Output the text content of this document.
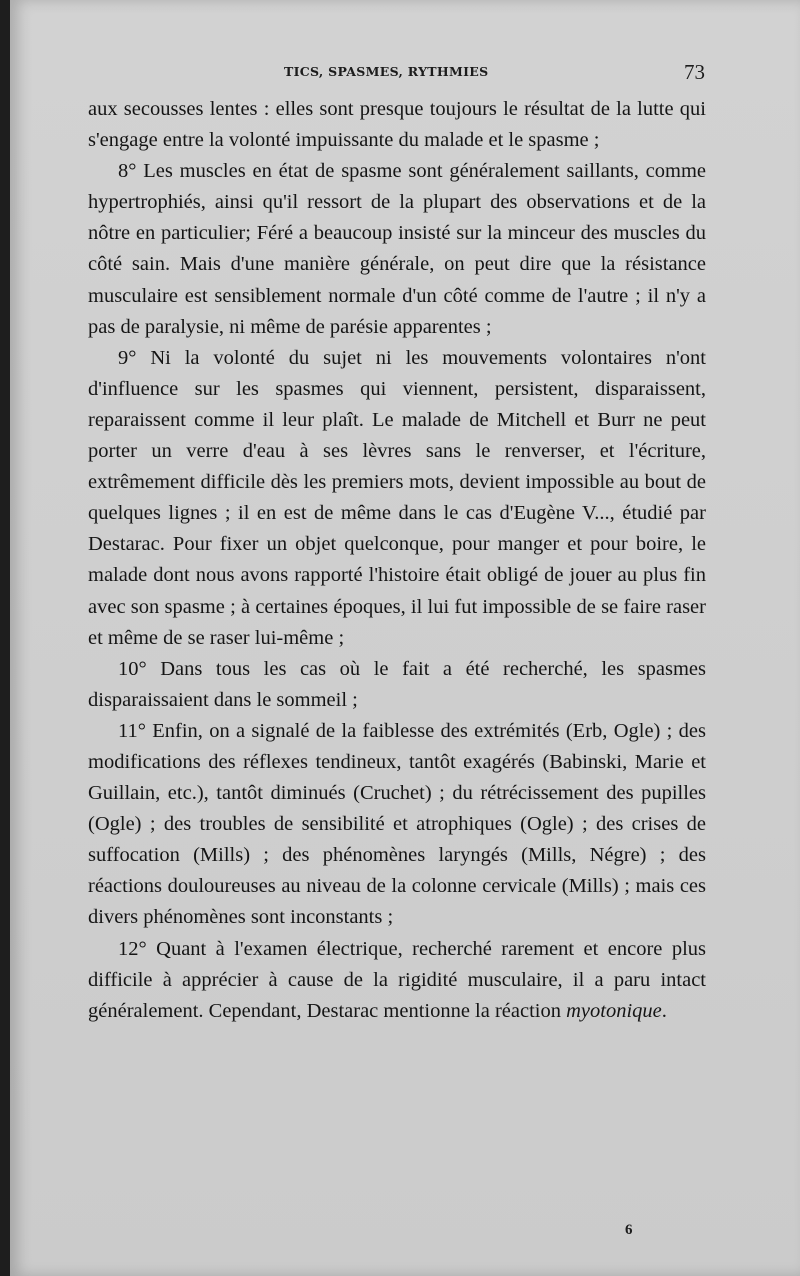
TICS, SPASMES, RYTHMIES	73

aux secousses lentes : elles sont presque toujours le résultat de la lutte qui s'engage entre la volonté impuissante du malade et le spasme ;

8° Les muscles en état de spasme sont généralement saillants, comme hypertrophiés, ainsi qu'il ressort de la plupart des observations et de la nôtre en particulier; Féré a beaucoup insisté sur la minceur des muscles du côté sain. Mais d'une manière générale, on peut dire que la résistance musculaire est sensiblement normale d'un côté comme de l'autre ; il n'y a pas de paralysie, ni même de parésie apparentes ;

9° Ni la volonté du sujet ni les mouvements volontaires n'ont d'influence sur les spasmes qui viennent, persistent, disparaissent, reparaissent comme il leur plaît. Le malade de Mitchell et Burr ne peut porter un verre d'eau à ses lèvres sans le renverser, et l'écriture, extrêmement difficile dès les premiers mots, devient impossible au bout de quelques lignes ; il en est de même dans le cas d'Eugène V..., étudié par Destarac. Pour fixer un objet quelconque, pour manger et pour boire, le malade dont nous avons rapporté l'histoire était obligé de jouer au plus fin avec son spasme ; à certaines époques, il lui fut impossible de se faire raser et même de se raser lui-même ;

10° Dans tous les cas où le fait a été recherché, les spasmes disparaissaient dans le sommeil ;

11° Enfin, on a signalé de la faiblesse des extrémités (Erb, Ogle) ; des modifications des réflexes tendineux, tantôt exagérés (Babinski, Marie et Guillain, etc.), tantôt diminués (Cruchet) ; du rétrécissement des pupilles (Ogle) ; des troubles de sensibilité et atrophiques (Ogle) ; des crises de suffocation (Mills) ; des phénomènes laryngés (Mills, Négre) ; des réactions douloureuses au niveau de la colonne cervicale (Mills) ; mais ces divers phénomènes sont inconstants ;

12° Quant à l'examen électrique, recherché rarement et encore plus difficile à apprécier à cause de la rigidité musculaire, il a paru intact généralement. Cependant, Destarac mentionne la réaction myotonique.

6
